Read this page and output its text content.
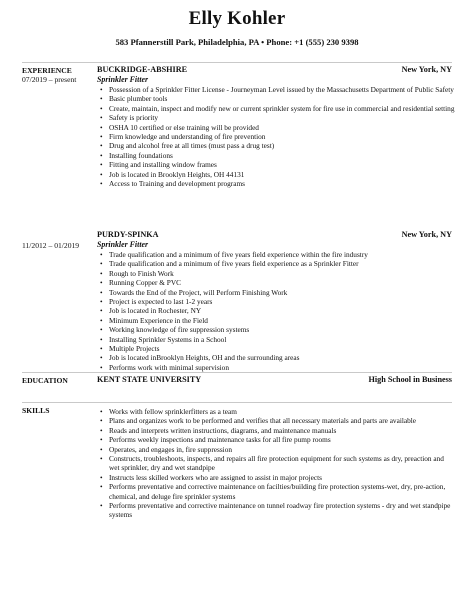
Elly Kohler
583 Pfannerstill Park, Philadelphia, PA • Phone: +1 (555) 230 9398
EXPERIENCE
07/2019 – present
BUCKRIDGE-ABSHIRE	New York, NY
Sprinkler Fitter
• Possession of a Sprinkler Fitter License - Journeyman Level issued by the Massachusetts Department of Public Safety
• Basic plumber tools
• Create, maintain, inspect and modify new or current sprinkler system for fire use in commercial and residential setting
• Safety is priority
• OSHA 10 certified or else training will be provided
• Firm knowledge and understanding of fire prevention
• Drug and alcohol free at all times (must pass a drug test)
• Installing foundations
• Fitting and installing window frames
• Job is located in Brooklyn Heights, OH 44131
• Access to Training and development programs
11/2012 – 01/2019
PURDY-SPINKA	New York, NY
Sprinkler Fitter
• Trade qualification and a minimum of five years field experience within the fire industry
• Trade qualification and a minimum of five years field experience as a Sprinkler Fitter
• Rough to Finish Work
• Running Copper & PVC
• Towards the End of the Project, will Perform Finishing Work
• Project is expected to last 1-2 years
• Job is located in Rochester, NY
• Minimum Experience in the Field
• Working knowledge of fire suppression systems
• Installing Sprinkler Systems in a School
• Multiple Projects
• Job is located inBrooklyn Heights, OH and the surrounding areas
• Performs work with minimal supervision
EDUCATION	KENT STATE UNIVERSITY	High School in Business
SKILLS	• Works with fellow sprinklerfitters as a team
• Plans and organizes work to be performed and verifies that all necessary materials and parts are available
• Reads and interprets written instructions, diagrams, and maintenance manuals
• Performs weekly inspections and maintenance tasks for all fire pump rooms
• Operates, and engages in, fire suppression
• Constructs, troubleshoots, inspects, and repairs all fire protection equipment for such systems as dry, preaction and wet sprinkler, dry and wet standpipe
• Instructs less skilled workers who are assigned to assist in major projects
• Performs preventative and corrective maintenance on facilties/building fire protection systems-wet, dry, pre-action, chemical, and deluge fire sprinkler systems
• Performs preventative and corrective maintenance on tunnel roadway fire protection systems - dry and wet standpipe systems
